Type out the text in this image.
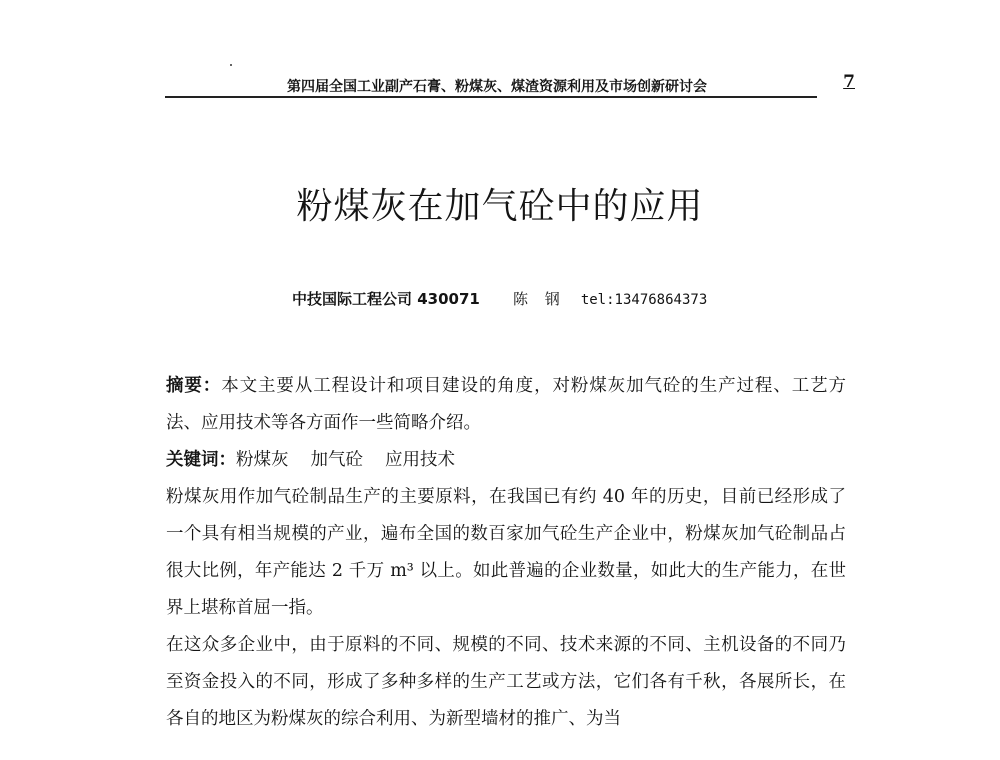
第四届全国工业副产石膏、粉煤灰、煤渣资源利用及市场创新研讨会	7
粉煤灰在加气砼中的应用
中技国际工程公司 430071 陈 钢 tel:13476864373

摘要：本文主要从工程设计和项目建设的角度，对粉煤灰加气砼的生产过程、工艺方法、应用技术等各方面作一些简略介绍。

关键词：粉煤灰 加气砼 应用技术

粉煤灰用作加气砼制品生产的主要原料，在我国已有约 40 年的历史，目前已经形成了一个具有相当规模的产业，遍布全国的数百家加气砼生产企业中，粉煤灰加气砼制品占很大比例，年产能达 2 千万 m³ 以上。如此普遍的企业数量，如此大的生产能力，在世界上堪称首屈一指。

在这众多企业中，由于原料的不同、规模的不同、技术来源的不同、主机设备的不同乃至资金投入的不同，形成了多种多样的生产工艺或方法，它们各有千秋，各展所长，在各自的地区为粉煤灰的综合利用、为新型墙材的推广、为当
